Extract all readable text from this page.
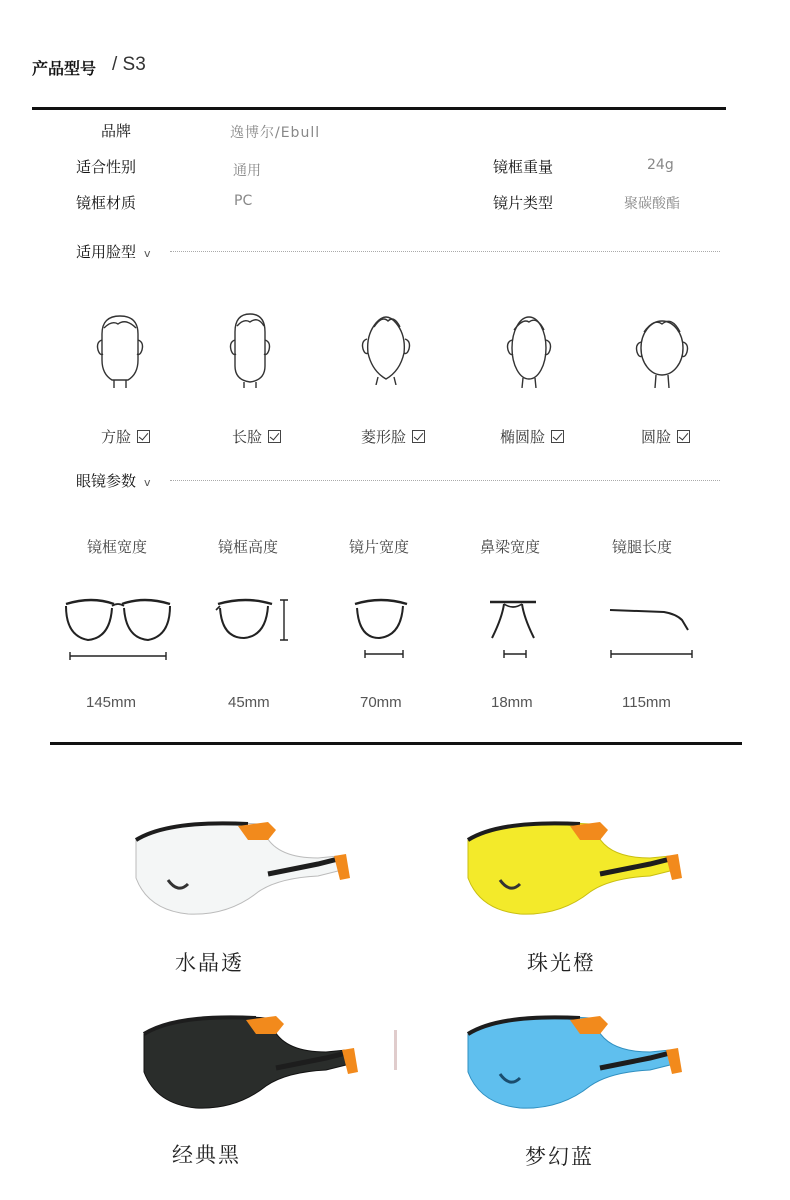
产品型号 / S3
品牌	逸博尔/Ebull
适合性别	通用	镜框重量	24g
镜框材质	PC	镜片类型	聚碳酸酯
适用脸型 v
方脸	长脸	菱形脸	椭圆脸	圆脸
眼镜参数 v
镜框宽度	镜框高度	镜片宽度	鼻梁宽度	镜腿长度
145mm	45mm	70mm	18mm	115mm
水晶透	珠光橙
经典黑	梦幻蓝
